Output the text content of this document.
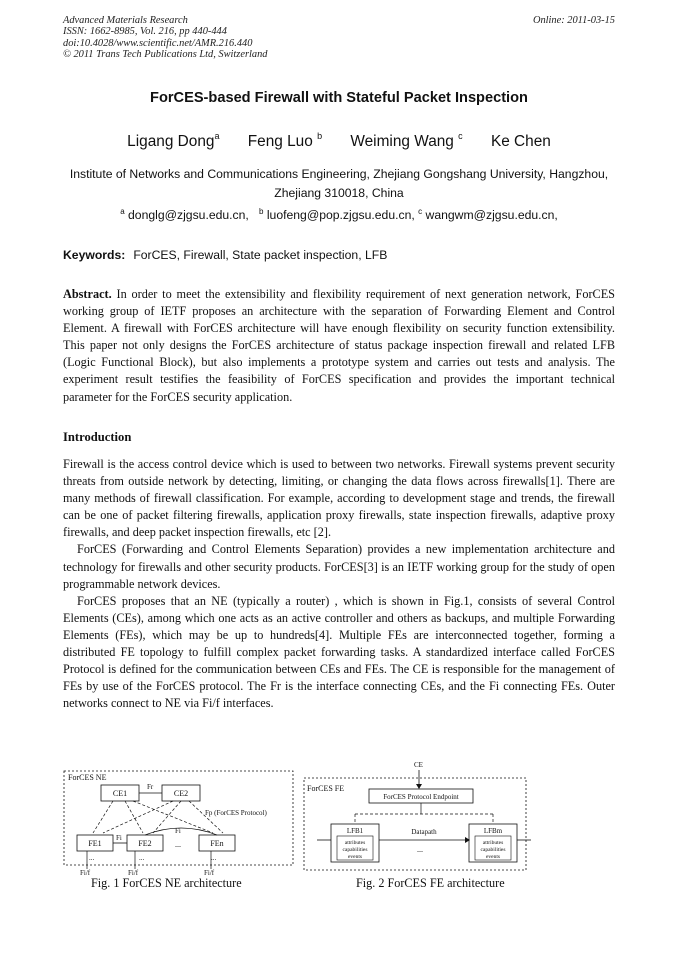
Advanced Materials Research
ISSN: 1662-8985, Vol. 216, pp 440-444
doi:10.4028/www.scientific.net/AMR.216.440
© 2011 Trans Tech Publications Ltd, Switzerland
Online: 2011-03-15
ForCES-based Firewall with Stateful Packet Inspection
Ligang Dong$^a$ Feng Luo $^b$ Weiming Wang $^c$ Ke Chen
Institute of Networks and Communications Engineering, Zhejiang Gongshang University, Hangzhou, Zhejiang 310018, China
$^a$ donglg@zjgsu.edu.cn, $^b$ luofeng@pop.zjgsu.edu.cn, $^c$ wangwm@zjgsu.edu.cn,
Keywords: ForCES, Firewall, State packet inspection, LFB
Abstract. In order to meet the extensibility and flexibility requirement of next generation network, ForCES working group of IETF proposes an architecture with the separation of Forwarding Element and Control Element. A firewall with ForCES architecture will have enough flexibility on security function extensibility. This paper not only designs the ForCES architecture of status package inspection firewall and related LFB (Logic Functional Block), but also implements a prototype system and carries out tests and analysis. The experiment result testifies the feasibility of ForCES specification and provides the important technical parameter for the ForCES security application.
Introduction

Firewall is the access control device which is used to between two networks. Firewall systems prevent security threats from outside network by detecting, limiting, or changing the data flows across firewalls[1]. There are many methods of firewall classification. For example, according to development stage and trends, the firewall can be one of packet filtering firewalls, application proxy firewalls, state inspection firewalls, adaptive proxy firewalls, and deep packet inspection firewalls, etc [2].

ForCES (Forwarding and Control Elements Separation) provides a new implementation architecture and technology for firewalls and other security products. ForCES[3] is an IETF working group for the study of open programmable network devices.

ForCES proposes that an NE (typically a router) , which is shown in Fig.1, consists of several Control Elements (CEs), among which one acts as an active controller and others as backups, and multiple Forwarding Elements (FEs), which may be up to hundreds[4]. Multiple FEs are interconnected together, forming a distributed FE topology to fulfill complex packet forwarding tasks. A standardized interface called ForCES Protocol is defined for the communication between CEs and FEs. The CE is responsible for the management of FEs by use of the ForCES protocol. The Fr is the interface connecting CEs, and the Fi connecting FEs. Outer networks connect to NE via Fi/f interfaces.

ForCES NE
CE1	CE2
Fr
Fp (ForCES Protocol)
FE1	FE2	FEn
Fi
Fi
...
...	...	...
Fi/f	Fi/f	Fi/f
Fig. 1 ForCES NE architecture
CE
ForCES FE
ForCES Protocol Endpoint
LFB1
attributes
capabilities
events
LFBm
attributes
capabilities
events
Datapath
...
Fig. 2 ForCES FE architecture
